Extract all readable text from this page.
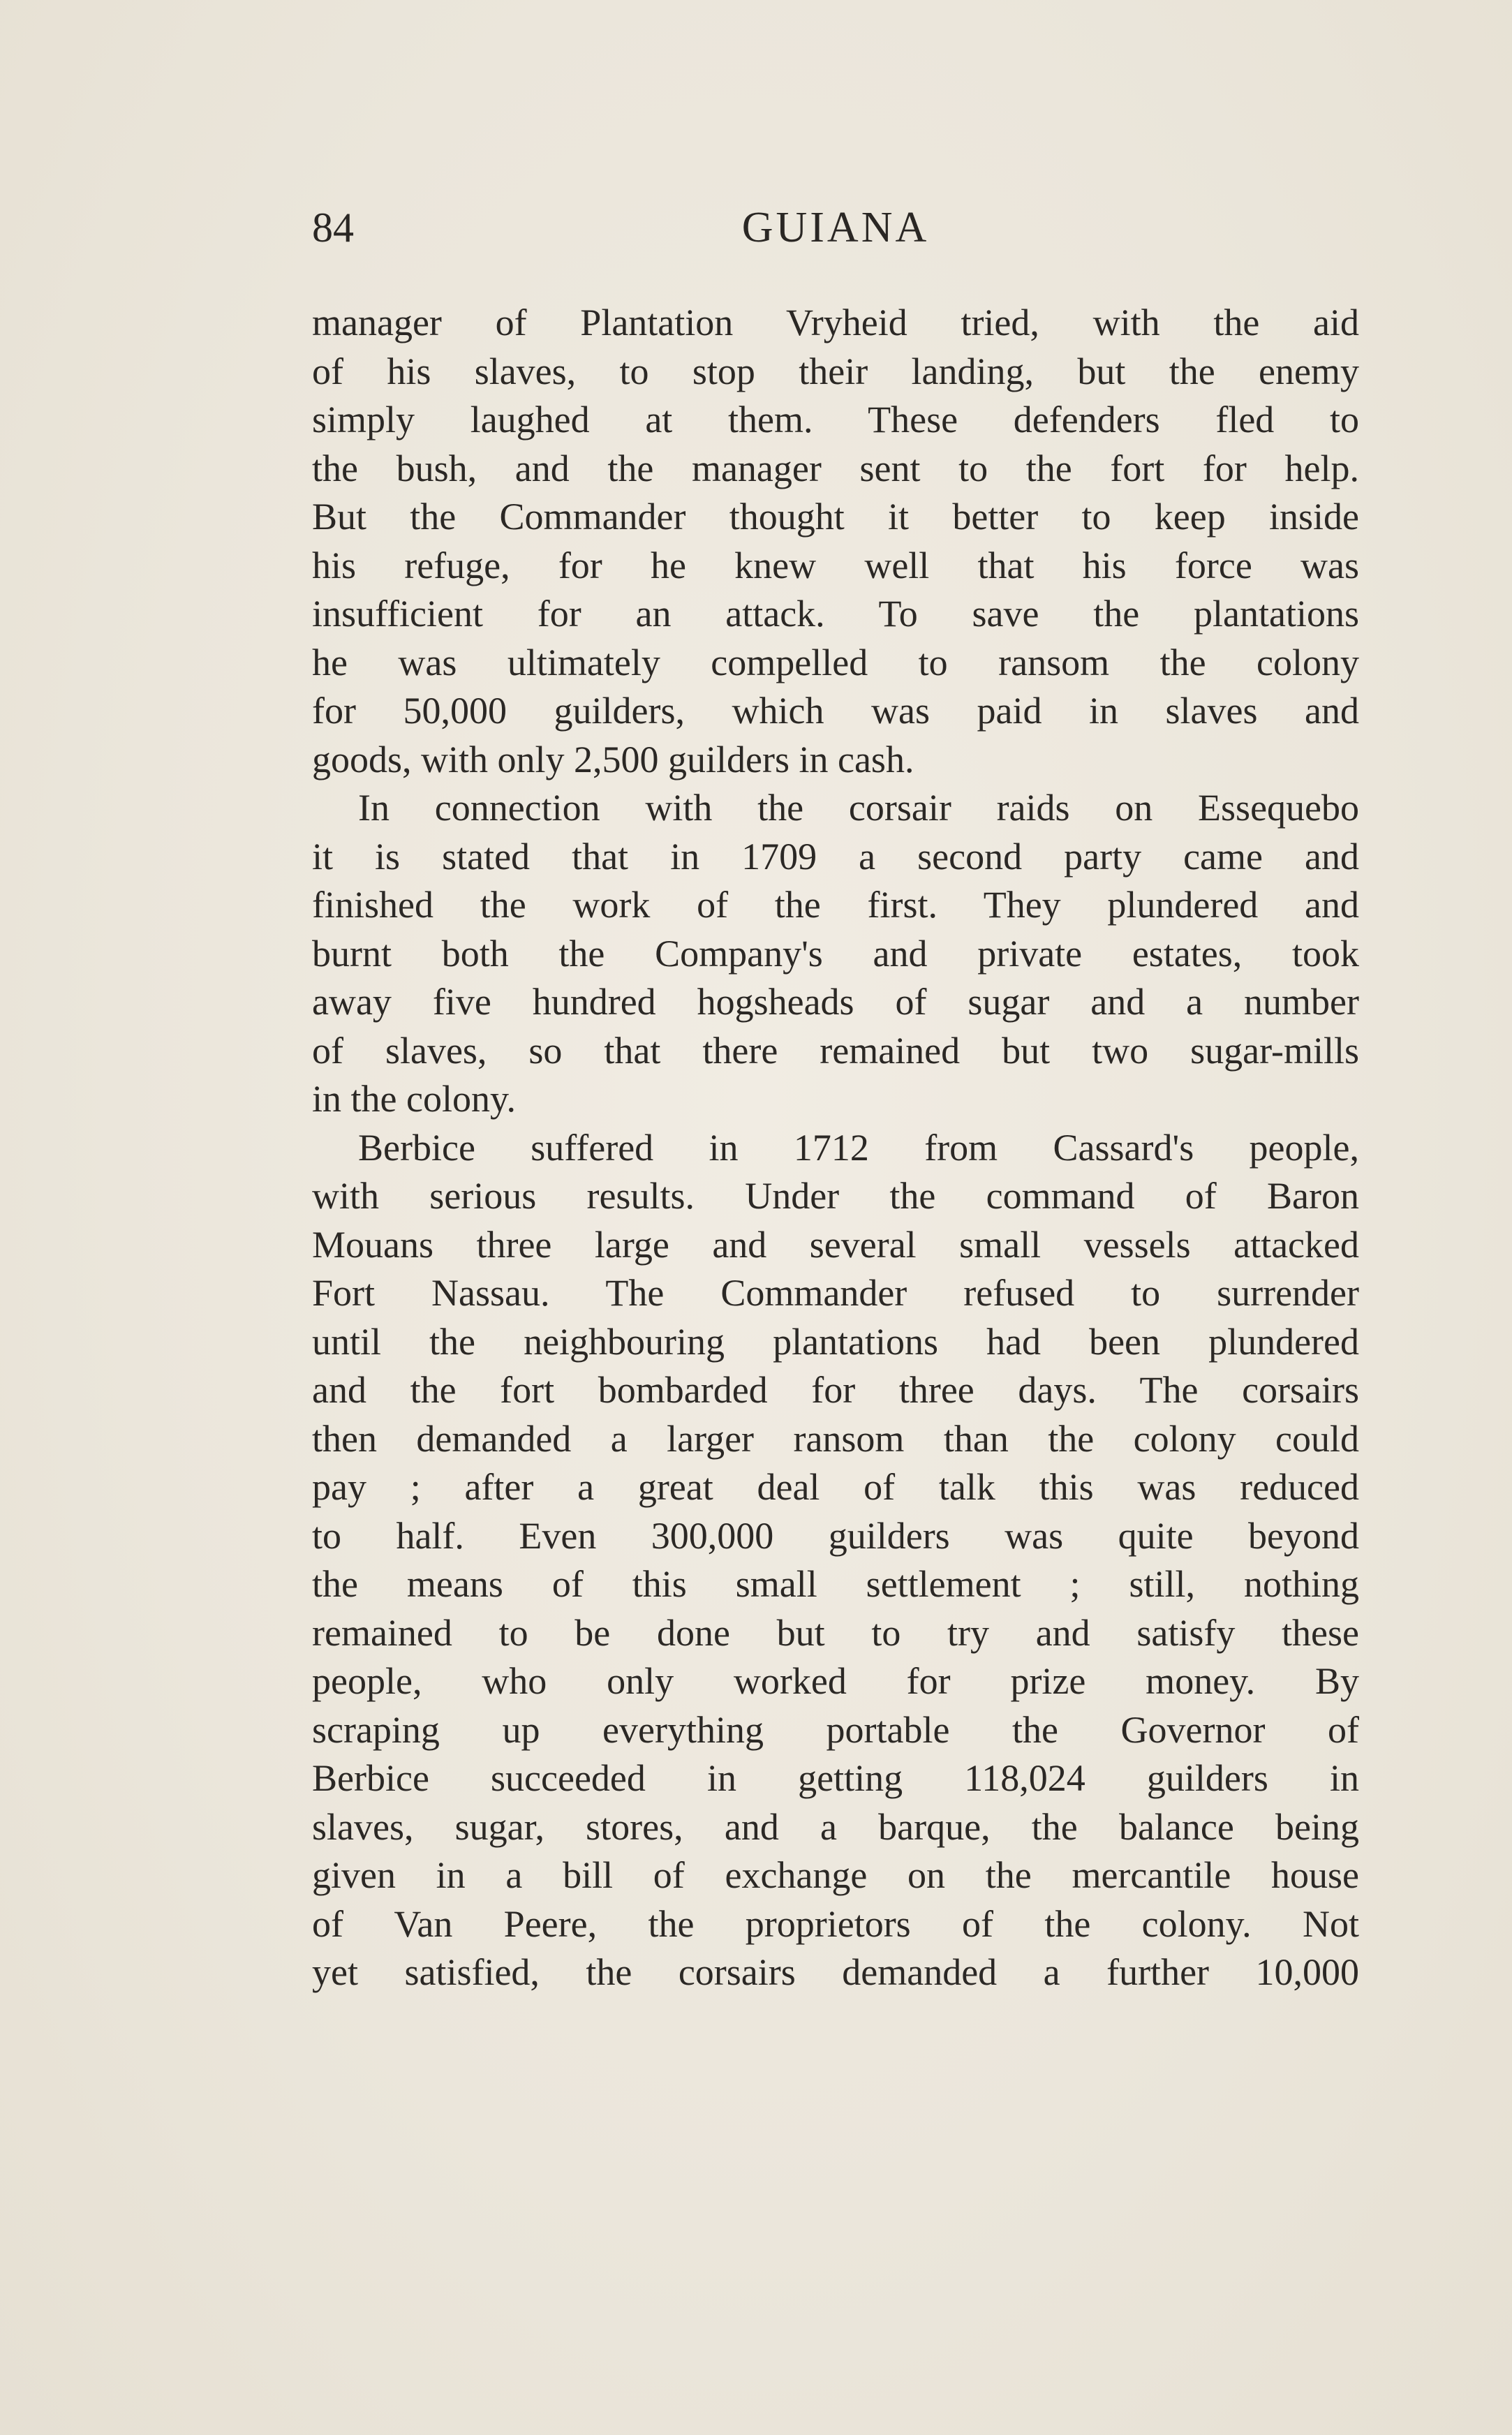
84	GUIANA
manager of Plantation Vryheid tried, with the aid
of his slaves, to stop their landing, but the enemy
simply laughed at them. These defenders fled to
the bush, and the manager sent to the fort for help.
But the Commander thought it better to keep inside
his refuge, for he knew well that his force was
insufficient for an attack. To save the plantations
he was ultimately compelled to ransom the colony
for 50,000 guilders, which was paid in slaves and
goods, with only 2,500 guilders in cash.
In connection with the corsair raids on Essequebo
it is stated that in 1709 a second party came and
finished the work of the first. They plundered and
burnt both the Company's and private estates, took
away five hundred hogsheads of sugar and a number
of slaves, so that there remained but two sugar-mills
in the colony.
Berbice suffered in 1712 from Cassard's people,
with serious results. Under the command of Baron
Mouans three large and several small vessels attacked
Fort Nassau. The Commander refused to surrender
until the neighbouring plantations had been plundered
and the fort bombarded for three days. The corsairs
then demanded a larger ransom than the colony could
pay ; after a great deal of talk this was reduced
to half. Even 300,000 guilders was quite beyond
the means of this small settlement ; still, nothing
remained to be done but to try and satisfy these
people, who only worked for prize money. By
scraping up everything portable the Governor of
Berbice succeeded in getting 118,024 guilders in
slaves, sugar, stores, and a barque, the balance being
given in a bill of exchange on the mercantile house
of Van Peere, the proprietors of the colony. Not
yet satisfied, the corsairs demanded a further 10,000
